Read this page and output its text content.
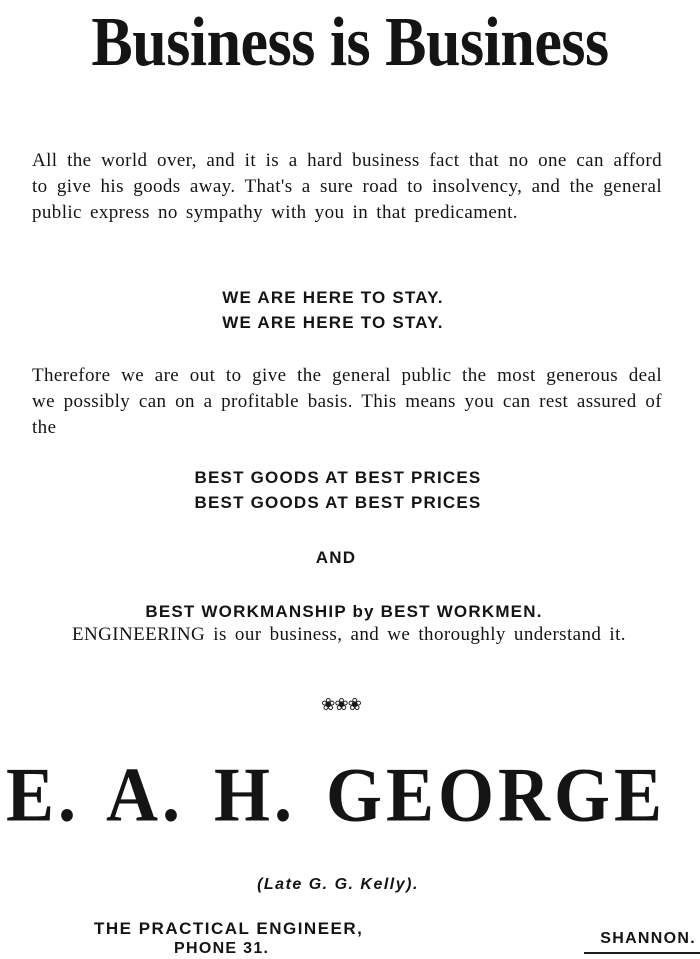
Business is Business

All the world over, and it is a hard business fact that no one can afford to give his goods away. That's a sure road to insolvency, and the general public express no sympathy with you in that predicament.

WE ARE HERE TO STAY.
WE ARE HERE TO STAY.

Therefore we are out to give the general public the most generous deal we possibly can on a profitable basis. This means you can rest assured of the

BEST GOODS AT BEST PRICES
BEST GOODS AT BEST PRICES
AND
BEST WORKMANSHIP by BEST WORKMEN.

ENGINEERING is our business, and we thoroughly understand it.

❀❀❀
E. A. H. GEORGE
(Late G. G. Kelly).
THE PRACTICAL ENGINEER,
PHONE 31.
SHANNON.
